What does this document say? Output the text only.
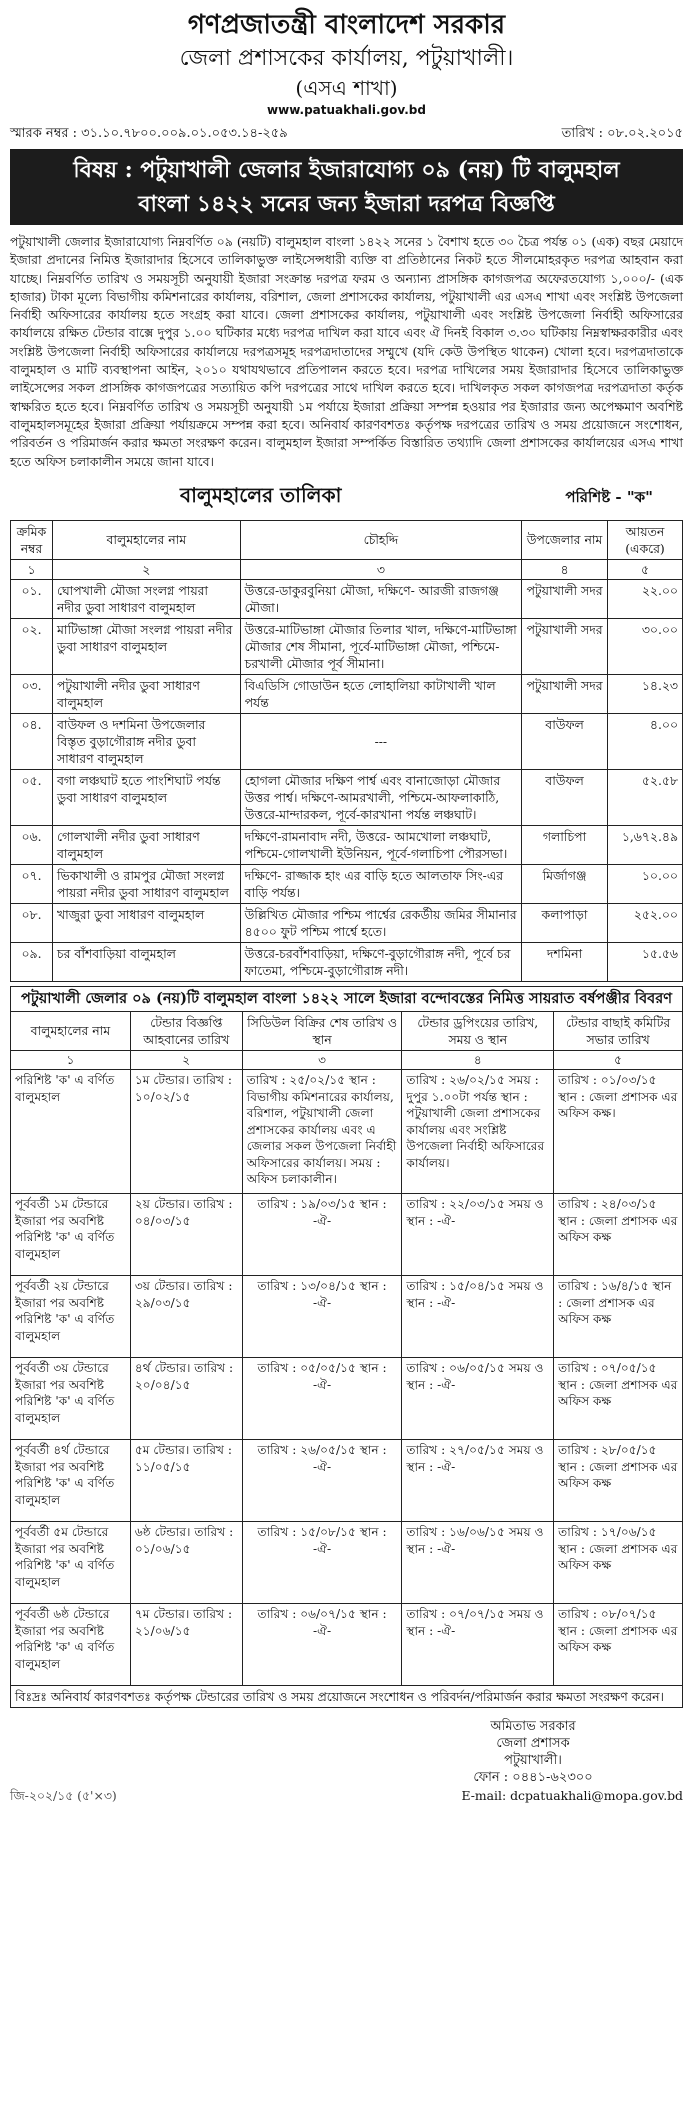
গণপ্রজাতন্ত্রী বাংলাদেশ সরকার
জেলা প্রশাসকের কার্যালয়, পটুয়াখালী।
(এসএ শাখা)
www.patuakhali.gov.bd
স্মারক নম্বর : ৩১.১০.৭৮০০.০০৯.০১.০৫৩.১৪-২৫৯	তারিখ : ০৮.০২.২০১৫
বিষয় : পটুয়াখালী জেলার ইজারাযোগ্য ০৯ (নয়) টি বালুমহাল
বাংলা ১৪২২ সনের জন্য ইজারা দরপত্র বিজ্ঞপ্তি
পটুয়াখালী জেলার ইজারাযোগ্য নিম্নবর্ণিত ০৯ (নয়টি) বালুমহাল বাংলা ১৪২২ সনের ১ বৈশাখ হতে ৩০ চৈত্র পর্যন্ত ০১ (এক) বছর মেয়াদে ইজারা প্রদানের নিমিত্ত ইজারাদার হিসেবে তালিকাভুক্ত লাইসেন্সধারী ব্যক্তি বা প্রতিষ্ঠানের নিকট হতে সীলমোহরকৃত দরপত্র আহবান করা যাচ্ছে। নিম্নবর্ণিত তারিখ ও সময়সূচী অনুযায়ী ইজারা সংক্রান্ত দরপত্র ফরম ও অন্যান্য প্রাসঙ্গিক কাগজপত্র অফেরতযোগ্য ১,০০০/- (এক হাজার) টাকা মূল্যে বিভাগীয় কমিশনারের কার্যালয়, বরিশাল, জেলা প্রশাসকের কার্যালয়, পটুয়াখালী এর এসএ শাখা এবং সংশ্লিষ্ট উপজেলা নির্বাহী অফিসারের কার্যালয় হতে সংগ্রহ করা যাবে। জেলা প্রশাসকের কার্যালয়, পটুয়াখালী এবং সংশ্লিষ্ট উপজেলা নির্বাহী অফিসারের কার্যালয়ে রক্ষিত টেন্ডার বাক্সে দুপুর ১.০০ ঘটিকার মধ্যে দরপত্র দাখিল করা যাবে এবং ঐ দিনই বিকাল ৩.৩০ ঘটিকায় নিম্নস্বাক্ষরকারীর এবং সংশ্লিষ্ট উপজেলা নির্বাহী অফিসারের কার্যালয়ে দরপত্রসমূহ দরপত্রদাতাদের সম্মুখে (যদি কেউ উপস্থিত থাকেন) খোলা হবে। দরপত্রদাতাকে বালুমহাল ও মাটি ব্যবস্থাপনা আইন, ২০১০ যথাযথভাবে প্রতিপালন করতে হবে। দরপত্র দাখিলের সময় ইজারাদার হিসেবে তালিকাভুক্ত লাইসেন্সের সকল প্রাসঙ্গিক কাগজপত্রের সত্যায়িত কপি দরপত্রের সাথে দাখিল করতে হবে। দাখিলকৃত সকল কাগজপত্র দরপত্রদাতা কর্তৃক স্বাক্ষরিত হতে হবে। নিম্নবর্ণিত তারিখ ও সময়সূচী অনুযায়ী ১ম পর্যায়ে ইজারা প্রক্রিয়া সম্পন্ন হওয়ার পর ইজারার জন্য অপেক্ষমাণ অবশিষ্ট বালুমহালসমূহের ইজারা প্রক্রিয়া পর্যায়ক্রমে সম্পন্ন করা হবে। অনিবার্য কারণবশতঃ কর্তৃপক্ষ দরপত্রের তারিখ ও সময় প্রয়োজনে সংশোধন, পরিবর্তন ও পরিমার্জন করার ক্ষমতা সংরক্ষণ করেন। বালুমহাল ইজারা সম্পর্কিত বিস্তারিত তথ্যাদি জেলা প্রশাসকের কার্যালয়ের এসএ শাখা হতে অফিস চলাকালীন সময়ে জানা যাবে।
বালুমহালের তালিকা	পরিশিষ্ট - "ক"
ক্রমিক নম্বর	বালুমহালের নাম	চৌহদ্দি	উপজেলার নাম	আয়তন (একরে)
১	২	৩	৪	৫
০১.	ঘোপখালী মৌজা সংলগ্ন পায়রা নদীর ডুবা সাধারণ বালুমহাল	উত্তরে-ডাকুরবুনিয়া মৌজা, দক্ষিণে- আরজী রাজগঞ্জ মৌজা।	পটুয়াখালী সদর	২২.০০
০২.	মাটিভাঙ্গা মৌজা সংলগ্ন পায়রা নদীর ডুবা সাধারণ বালুমহাল	উত্তরে-মাটিভাঙ্গা মৌজার তিলার খাল, দক্ষিণে-মাটিভাঙ্গা মৌজার শেষ সীমানা, পূর্বে-মাটিভাঙ্গা মৌজা, পশ্চিমে- চরখালী মৌজার পূর্ব সীমানা।	পটুয়াখালী সদর	৩০.০০
০৩.	পটুয়াখালী নদীর ডুবা সাধারণ বালুমহাল	বিএডিসি গোডাউন হতে লোহালিয়া কাটাখালী খাল পর্যন্ত	পটুয়াখালী সদর	১৪.২৩
০৪.	বাউফল ও দশমিনা উপজেলার বিস্তৃত বুড়াগৌরাঙ্গ নদীর ডুবা সাধারণ বালুমহাল	---	বাউফল	৪.০০
০৫.	বগা লঞ্চঘাট হতে পাংশিঘাট পর্যন্ত ডুবা সাধারণ বালুমহাল	হোগলা মৌজার দক্ষিণ পার্শ্ব এবং বানাজোড়া মৌজার উত্তর পার্শ্ব। দক্ষিণে-আমরখালী, পশ্চিমে-আফলাকাঠি, উত্তরে-মান্দারকল, পূর্বে-কারখানা পর্যন্ত লঞ্চঘাট।	বাউফল	৫২.৫৮
০৬.	গোলখালী নদীর ডুবা সাধারণ বালুমহাল	দক্ষিণে-রামনাবাদ নদী, উত্তরে- আমখোলা লঞ্চঘাট, পশ্চিমে-গোলখালী ইউনিয়ন, পূর্বে-গলাচিপা পৌরসভা।	গলাচিপা	১,৬৭২.৪৯
০৭.	ভিকাখালী ও রামপুর মৌজা সংলগ্ন পায়রা নদীর ডুবা সাধারণ বালুমহাল	দক্ষিণে- রাজ্জাক হাং এর বাড়ি হতে আলতাফ সিং-এর বাড়ি পর্যন্ত।	মির্জাগঞ্জ	১০.০০
০৮.	খাজুরা ডুবা সাধারণ বালুমহাল	উল্লিখিত মৌজার পশ্চিম পার্শ্বের রেকর্ডীয় জমির সীমানার ৪৫০০ ফুট পশ্চিম পার্শ্বে হতে।	কলাপাড়া	২৫২.০০
০৯.	চর বাঁশবাড়িয়া বালুমহাল	উত্তরে-চরবাঁশবাড়িয়া, দক্ষিণে-বুড়াগৌরাঙ্গ নদী, পূর্বে চর ফাতেমা, পশ্চিমে-বুড়াগৌরাঙ্গ নদী।	দশমিনা	১৫.৫৬
পটুয়াখালী জেলার ০৯ (নয়)টি বালুমহাল বাংলা ১৪২২ সালে ইজারা বন্দোবস্তের নিমিত্ত সায়রাত বর্ষপঞ্জীর বিবরণ
বালুমহালের নাম	টেন্ডার বিজ্ঞপ্তি আহবানের তারিখ	সিডিউল বিক্রির শেষ তারিখ ও স্থান	টেন্ডার ড্রপিংয়ের তারিখ, সময় ও স্থান	টেন্ডার বাছাই কমিটির সভার তারিখ
১	২	৩	৪	৫
পরিশিষ্ট 'ক' এ বর্ণিত বালুমহাল	১ম টেন্ডার। তারিখ : ১০/০২/১৫	তারিখ : ২৫/০২/১৫ স্থান : বিভাগীয় কমিশনারের কার্যালয়, বরিশাল, পটুয়াখালী জেলা প্রশাসকের কার্যালয় এবং এ জেলার সকল উপজেলা নির্বাহী অফিসারের কার্যালয়। সময় : অফিস চলাকালীন।	তারিখ : ২৬/০২/১৫ সময় : দুপুর ১.০০টা পর্যন্ত স্থান : পটুয়াখালী জেলা প্রশাসকের কার্যালয় এবং সংশ্লিষ্ট উপজেলা নির্বাহী অফিসারের কার্যালয়।	তারিখ : ০১/০৩/১৫ স্থান : জেলা প্রশাসক এর অফিস কক্ষ।
পূর্ববর্তী ১ম টেন্ডারে ইজারা পর অবশিষ্ট পরিশিষ্ট 'ক' এ বর্ণিত বালুমহাল	২য় টেন্ডার। তারিখ : ০৪/০৩/১৫	তারিখ : ১৯/০৩/১৫ স্থান : -ঐ-	তারিখ : ২২/০৩/১৫ সময় ও স্থান : -ঐ-	তারিখ : ২৪/০৩/১৫ স্থান : জেলা প্রশাসক এর অফিস কক্ষ
পূর্ববর্তী ২য় টেন্ডারে ইজারা পর অবশিষ্ট পরিশিষ্ট 'ক' এ বর্ণিত বালুমহাল	৩য় টেন্ডার। তারিখ : ২৯/০৩/১৫	তারিখ : ১৩/০৪/১৫ স্থান : -ঐ-	তারিখ : ১৫/০৪/১৫ সময় ও স্থান : -ঐ-	তারিখ : ১৬/৪/১৫ স্থান : জেলা প্রশাসক এর অফিস কক্ষ
পূর্ববর্তী ৩য় টেন্ডারে ইজারা পর অবশিষ্ট পরিশিষ্ট 'ক' এ বর্ণিত বালুমহাল	৪র্থ টেন্ডার। তারিখ : ২০/০৪/১৫	তারিখ : ০৫/০৫/১৫ স্থান : -ঐ-	তারিখ : ০৬/০৫/১৫ সময় ও স্থান : -ঐ-	তারিখ : ০৭/০৫/১৫ স্থান : জেলা প্রশাসক এর অফিস কক্ষ
পূর্ববর্তী ৪র্থ টেন্ডারে ইজারা পর অবশিষ্ট পরিশিষ্ট 'ক' এ বর্ণিত বালুমহাল	৫ম টেন্ডার। তারিখ : ১১/০৫/১৫	তারিখ : ২৬/০৫/১৫ স্থান : -ঐ-	তারিখ : ২৭/০৫/১৫ সময় ও স্থান : -ঐ-	তারিখ : ২৮/০৫/১৫ স্থান : জেলা প্রশাসক এর অফিস কক্ষ
পূর্ববর্তী ৫ম টেন্ডারে ইজারা পর অবশিষ্ট পরিশিষ্ট 'ক' এ বর্ণিত বালুমহাল	৬ষ্ঠ টেন্ডার। তারিখ : ০১/০৬/১৫	তারিখ : ১৫/০৮/১৫ স্থান : -ঐ-	তারিখ : ১৬/০৬/১৫ সময় ও স্থান : -ঐ-	তারিখ : ১৭/০৬/১৫ স্থান : জেলা প্রশাসক এর অফিস কক্ষ
পূর্ববর্তী ৬ষ্ঠ টেন্ডারে ইজারা পর অবশিষ্ট পরিশিষ্ট 'ক' এ বর্ণিত বালুমহাল	৭ম টেন্ডার। তারিখ : ২১/০৬/১৫	তারিখ : ০৬/০৭/১৫ স্থান : -ঐ-	তারিখ : ০৭/০৭/১৫ সময় ও স্থান : -ঐ-	তারিখ : ০৮/০৭/১৫ স্থান : জেলা প্রশাসক এর অফিস কক্ষ
বিঃদ্রঃ অনিবার্য কারণবশতঃ কর্তৃপক্ষ টেন্ডারের তারিখ ও সময় প্রয়োজনে সংশোধন ও পরিবর্দন/পরিমার্জন করার ক্ষমতা সংরক্ষণ করেন।
অমিতাভ সরকার
জেলা প্রশাসক
পটুয়াখালী।
ফোন : ০৪৪১-৬২৩০০
জি-২০২/১৫ (৫'×৩)	E-mail: dcpatuakhali@mopa.gov.bd
